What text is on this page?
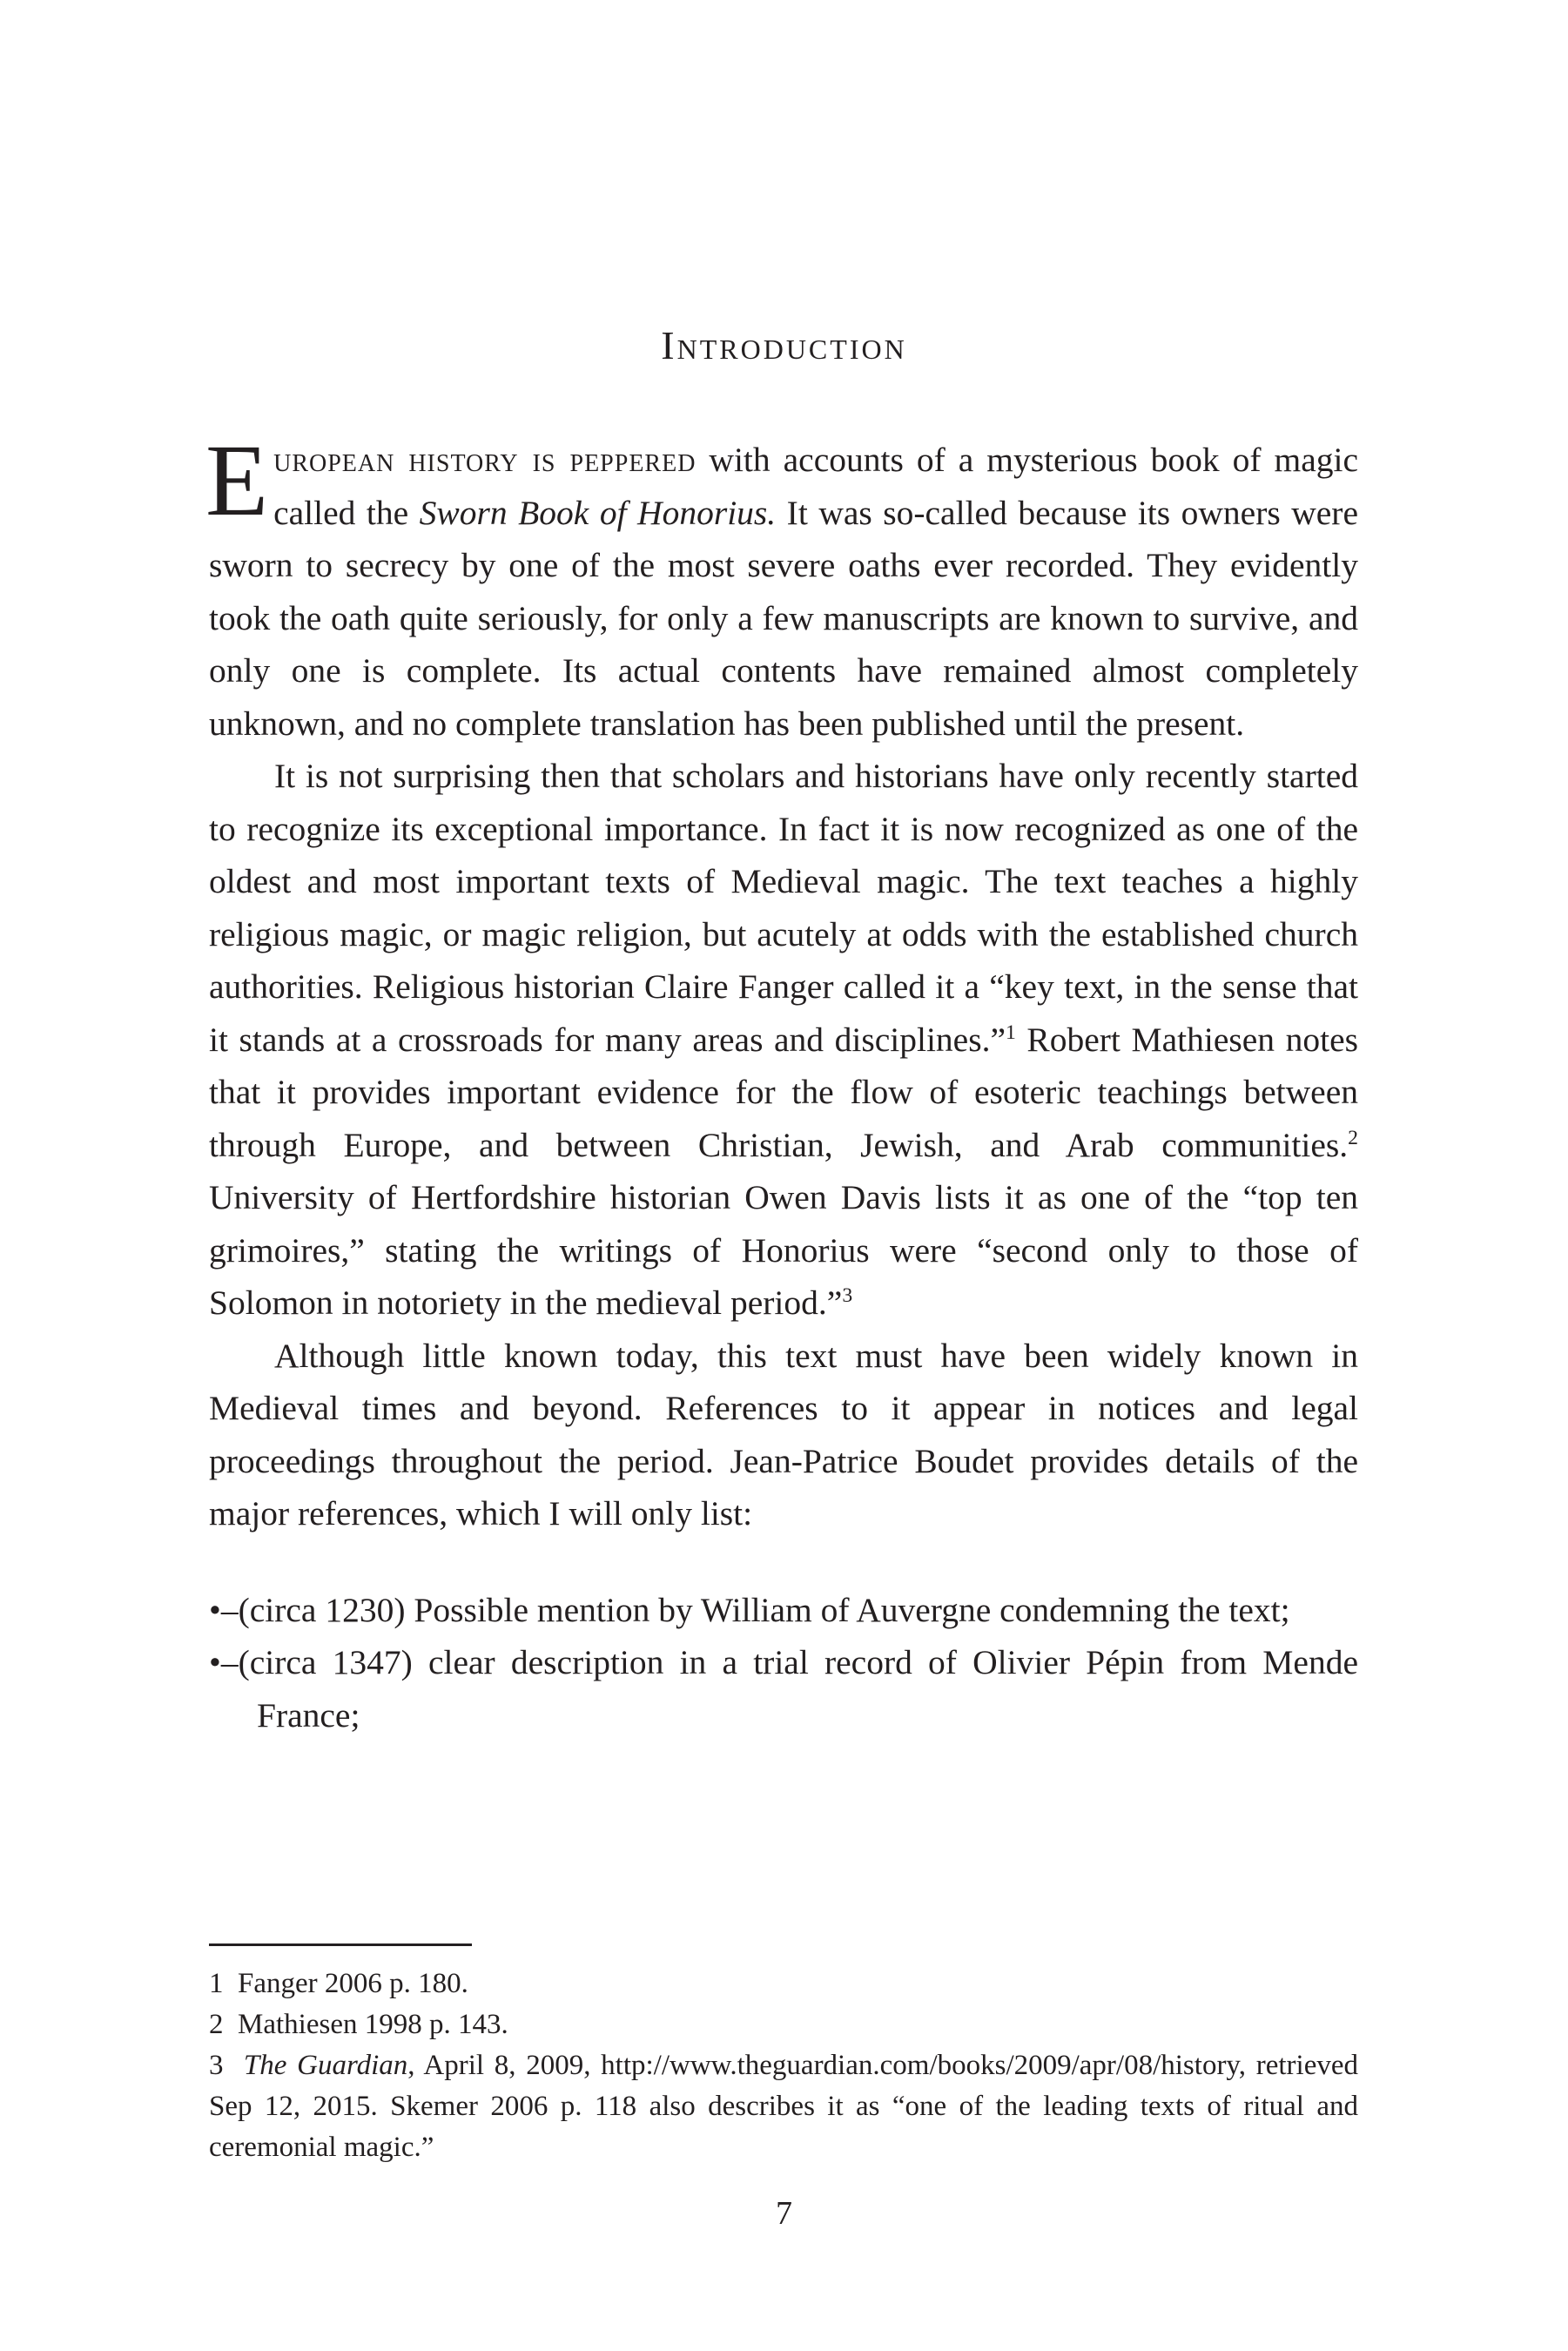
Introduction

European history is peppered with accounts of a mysterious book of magic called the Sworn Book of Honorius. It was so-called because its owners were sworn to secrecy by one of the most severe oaths ever recorded. They evidently took the oath quite seriously, for only a few manuscripts are known to survive, and only one is complete. Its actual contents have remained almost completely unknown, and no complete translation has been published until the present.

It is not surprising then that scholars and historians have only recently started to recognize its exceptional importance. In fact it is now recognized as one of the oldest and most important texts of Medieval magic. The text teaches a highly religious magic, or magic religion, but acutely at odds with the established church authorities. Religious historian Claire Fanger called it a “key text, in the sense that it stands at a crossroads for many areas and disciplines.”$^1$ Robert Mathiesen notes that it provides important evidence for the flow of esoteric teachings between through Europe, and between Christian, Jewish, and Arab communities.$^2$ University of Hertfordshire historian Owen Davis lists it as one of the “top ten grimoires,” stating the writings of Honorius were “second only to those of Solomon in notoriety in the medieval period.”$^3$

Although little known today, this text must have been widely known in Medieval times and beyond. References to it appear in notices and legal proceedings throughout the period. Jean-Patrice Boudet provides details of the major references, which I will only list:

•–(circa 1230) Possible mention by William of Auvergne condemning the text;

•–(circa 1347) clear description in a trial record of Olivier Pépin from Mende France;

1 Fanger 2006 p. 180.

2 Mathiesen 1998 p. 143.

3 The Guardian, April 8, 2009, http://www.theguardian.com/books/2009/apr/08/history, retrieved Sep 12, 2015. Skemer 2006 p. 118 also describes it as “one of the leading texts of ritual and ceremonial magic.”

7
